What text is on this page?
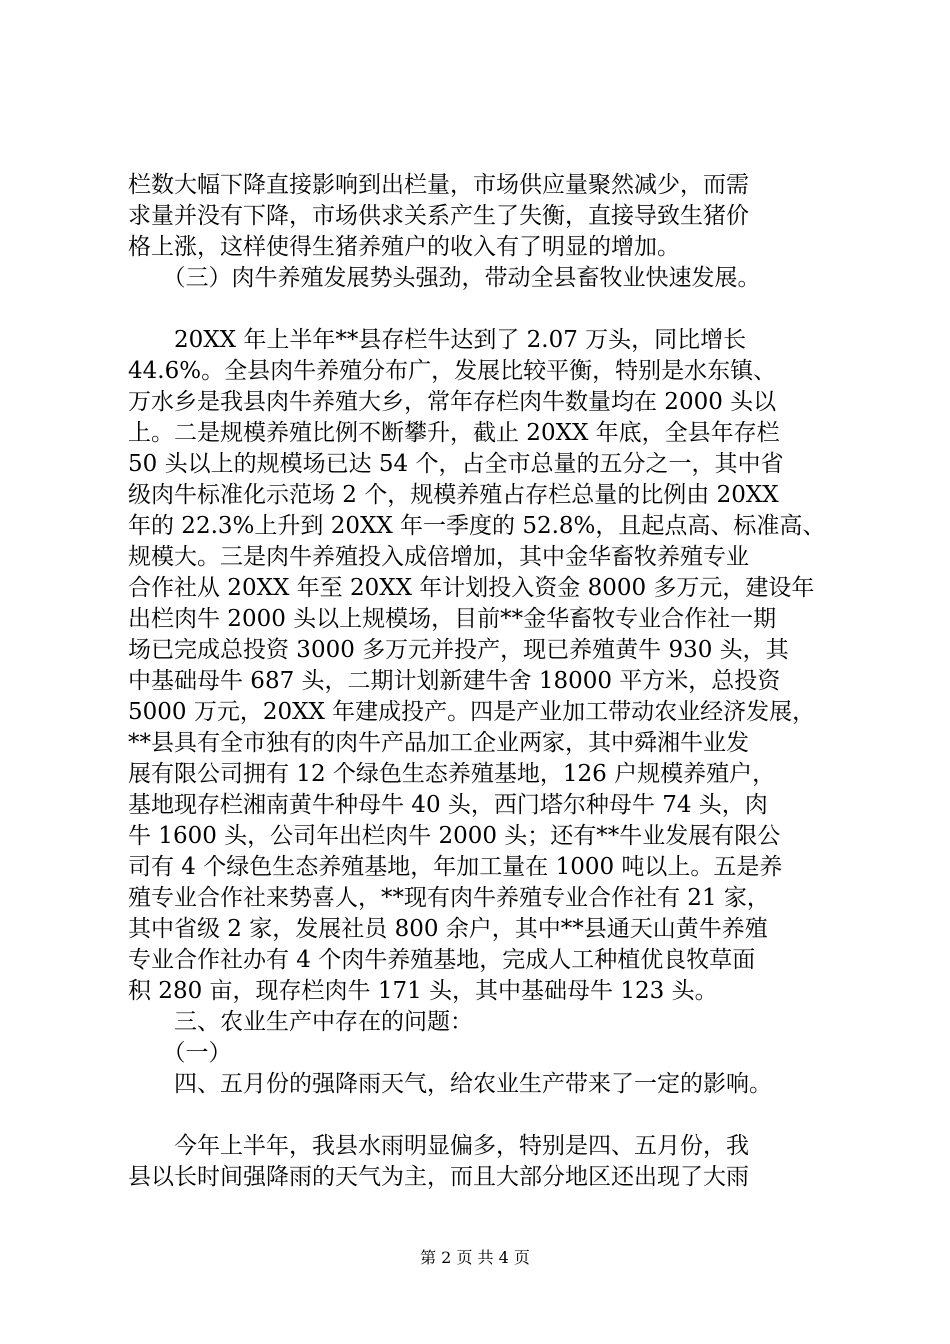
栏数大幅下降直接影响到出栏量，市场供应量聚然减少，而需
求量并没有下降，市场供求关系产生了失衡，直接导致生猪价
格上涨，这样使得生猪养殖户的收入有了明显的增加。
　　（三）肉牛养殖发展势头强劲，带动全县畜牧业快速发展。
　　20XX 年上半年**县存栏牛达到了 2.07 万头，同比增长
44.6%。全县肉牛养殖分布广，发展比较平衡，特别是水东镇、
万水乡是我县肉牛养殖大乡，常年存栏肉牛数量均在 2000 头以
上。二是规模养殖比例不断攀升，截止 20XX 年底，全县年存栏
50 头以上的规模场已达 54 个，占全市总量的五分之一，其中省
级肉牛标准化示范场 2 个，规模养殖占存栏总量的比例由 20XX
年的 22.3%上升到 20XX 年一季度的 52.8%，且起点高、标准高、
规模大。三是肉牛养殖投入成倍增加，其中金华畜牧养殖专业
合作社从 20XX 年至 20XX 年计划投入资金 8000 多万元，建设年
出栏肉牛 2000 头以上规模场，目前**金华畜牧专业合作社一期
场已完成总投资 3000 多万元并投产，现已养殖黄牛 930 头，其
中基础母牛 687 头，二期计划新建牛舍 18000 平方米，总投资
5000 万元，20XX 年建成投产。四是产业加工带动农业经济发展，
**县具有全市独有的肉牛产品加工企业两家，其中舜湘牛业发
展有限公司拥有 12 个绿色生态养殖基地，126 户规模养殖户，
基地现存栏湘南黄牛种母牛 40 头，西门塔尔种母牛 74 头，肉
牛 1600 头，公司年出栏肉牛 2000 头；还有**牛业发展有限公
司有 4 个绿色生态养殖基地，年加工量在 1000 吨以上。五是养
殖专业合作社来势喜人，**现有肉牛养殖专业合作社有 21 家，
其中省级 2 家，发展社员 800 余户，其中**县通天山黄牛养殖
专业合作社办有 4 个肉牛养殖基地，完成人工种植优良牧草面
积 280 亩，现存栏肉牛 171 头，其中基础母牛 123 头。
　　三、农业生产中存在的问题：
　　（一）
　　四、五月份的强降雨天气，给农业生产带来了一定的影响。
　　今年上半年，我县水雨明显偏多，特别是四、五月份，我
县以长时间强降雨的天气为主，而且大部分地区还出现了大雨
第 2 页 共 4 页
